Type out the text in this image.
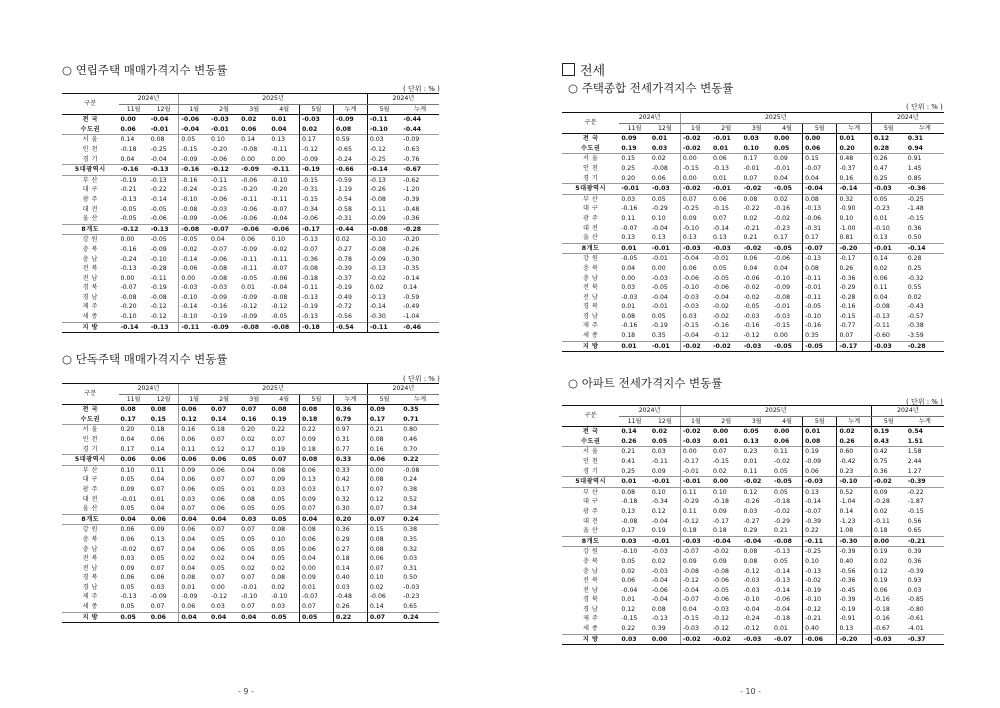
○ 연립주택 매매가격지수 변동률
( 단위 : % )
구분	2024년		2025년						2024년	
	11월	12월	1월	2월	3월	4월	5월	누계	5월	누계
전 국	0.00	-0.04	-0.06	-0.03	0.02	0.01	-0.03	-0.09	-0.11	-0.44
수도권	0.06	-0.01	-0.04	-0.01	0.06	0.04	0.02	0.08	-0.10	-0.44
서 울	0.14	0.08	0.05	0.10	0.14	0.13	0.17	0.59	0.03	-0.09
인 천	-0.18	-0.25	-0.15	-0.20	-0.08	-0.11	-0.12	-0.65	-0.12	-0.63
경 기	0.04	-0.04	-0.09	-0.06	0.00	0.00	-0.09	-0.24	-0.25	-0.76
5대광역시	-0.16	-0.13	-0.16	-0.12	-0.09	-0.11	-0.19	-0.66	-0.14	-0.67
부 산	-0.19	-0.13	-0.16	-0.11	-0.06	-0.10	-0.15	-0.59	-0.13	-0.62
대 구	-0.21	-0.22	-0.24	-0.25	-0.20	-0.20	-0.31	-1.19	-0.26	-1.20
광 주	-0.13	-0.14	-0.10	-0.06	-0.11	-0.11	-0.15	-0.54	-0.08	-0.39
대 전	-0.05	-0.05	-0.08	-0.03	-0.06	-0.07	-0.34	-0.58	-0.11	-0.48
울 산	-0.05	-0.06	-0.09	-0.06	-0.06	-0.04	-0.06	-0.31	-0.09	-0.36
8개도	-0.12	-0.13	-0.08	-0.07	-0.06	-0.06	-0.17	-0.44	-0.08	-0.28
강 원	0.00	-0.05	-0.05	0.04	0.06	0.10	-0.13	0.02	-0.10	-0.20
충 북	-0.16	-0.09	-0.02	-0.07	-0.09	-0.02	-0.07	-0.27	-0.08	-0.26
충 남	-0.24	-0.10	-0.14	-0.06	-0.11	-0.11	-0.36	-0.78	-0.09	-0.30
전 북	-0.13	-0.28	-0.06	-0.08	-0.11	-0.07	-0.08	-0.39	-0.13	-0.35
전 남	0.00	-0.11	0.00	-0.08	-0.05	-0.06	-0.18	-0.37	-0.02	-0.14
경 북	-0.07	-0.19	-0.03	-0.03	0.01	-0.04	-0.11	-0.19	0.02	0.14
경 남	-0.08	-0.08	-0.10	-0.09	-0.09	-0.08	-0.13	-0.49	-0.13	-0.59
제 주	-0.20	-0.12	-0.14	-0.16	-0.12	-0.12	-0.19	-0.72	-0.14	-0.49
세 종	-0.10	-0.12	-0.10	-0.19	-0.09	-0.05	-0.13	-0.56	-0.30	-1.04
지 방	-0.14	-0.13	-0.11	-0.09	-0.08	-0.08	-0.18	-0.54	-0.11	-0.46
○ 단독주택 매매가격지수 변동률
( 단위 : % )
구분	2024년		2025년						2024년	
	11월	12월	1월	2월	3월	4월	5월	누계	5월	누계
전 국	0.08	0.08	0.06	0.07	0.07	0.08	0.08	0.36	0.09	0.35
수도권	0.17	0.15	0.12	0.14	0.16	0.19	0.18	0.79	0.17	0.71
서 울	0.20	0.18	0.16	0.18	0.20	0.22	0.22	0.97	0.21	0.80
인 천	0.04	0.06	0.06	0.07	0.02	0.07	0.09	0.31	0.08	0.46
경 기	0.17	0.14	0.11	0.12	0.17	0.19	0.18	0.77	0.16	0.70
5대광역시	0.06	0.06	0.06	0.06	0.05	0.07	0.08	0.33	0.06	0.22
부 산	0.10	0.11	0.09	0.06	0.04	0.08	0.06	0.33	0.00	-0.08
대 구	0.05	0.04	0.06	0.07	0.07	0.09	0.13	0.42	0.08	0.24
광 주	0.09	0.07	0.06	0.05	0.01	0.03	0.03	0.17	0.07	0.38
대 전	-0.01	0.01	0.03	0.06	0.08	0.05	0.09	0.32	0.12	0.52
울 산	0.05	0.04	0.07	0.06	0.05	0.05	0.07	0.30	0.07	0.34
8개도	0.04	0.06	0.04	0.04	0.03	0.05	0.04	0.20	0.07	0.24
강 원	0.06	0.09	0.06	0.07	0.07	0.08	0.08	0.36	0.15	0.38
충 북	0.06	0.13	0.04	0.05	0.05	0.10	0.06	0.29	0.08	0.35
충 남	-0.02	0.07	0.04	0.06	0.05	0.05	0.06	0.27	0.08	0.32
전 북	0.03	0.05	0.02	0.02	0.04	0.05	0.04	0.18	0.06	0.03
전 남	0.09	0.07	0.04	0.05	0.02	0.02	0.00	0.14	0.07	0.31
경 북	0.06	0.06	0.08	0.07	0.07	0.08	0.09	0.40	0.10	0.50
경 남	0.05	0.03	0.01	0.00	-0.01	0.02	0.01	0.03	0.02	-0.03
제 주	-0.13	-0.09	-0.09	-0.12	-0.10	-0.10	-0.07	-0.48	-0.06	-0.23
세 종	0.05	0.07	0.06	0.03	0.07	0.03	0.07	0.26	0.14	0.65
지 방	0.05	0.06	0.04	0.04	0.04	0.05	0.05	0.22	0.07	0.24
- 9 -
전세
○ 주택종합 전세가격지수 변동률
( 단위 : % )
구분	2024년		2025년						2024년	
	11월	12월	1월	2월	3월	4월	5월	누계	5월	누계
전 국	0.09	0.01	-0.02	-0.01	0.03	0.00	0.00	0.01	0.12	0.31
수도권	0.19	0.03	-0.02	0.01	0.10	0.05	0.06	0.20	0.28	0.94
서 울	0.15	0.02	0.00	0.06	0.17	0.09	0.15	0.48	0.26	0.91
인 천	0.25	-0.08	-0.15	-0.13	-0.01	-0.01	-0.07	-0.37	0.47	1.45
경 기	0.20	0.06	0.00	0.01	0.07	0.04	0.04	0.16	0.25	0.85
5대광역시	-0.01	-0.03	-0.02	-0.01	-0.02	-0.05	-0.04	-0.14	-0.03	-0.36
부 산	0.03	0.05	0.07	0.06	0.08	0.02	0.08	0.32	0.05	-0.25
대 구	-0.16	-0.29	-0.25	-0.15	-0.22	-0.16	-0.13	-0.90	-0.23	-1.48
광 주	0.11	0.10	0.09	0.07	0.02	-0.02	-0.06	0.10	0.01	-0.15
대 전	-0.07	-0.04	-0.10	-0.14	-0.21	-0.23	-0.31	-1.00	-0.10	0.36
울 산	0.13	0.13	0.13	0.13	0.21	0.17	0.17	0.81	0.13	0.50
8개도	0.01	-0.01	-0.03	-0.03	-0.02	-0.05	-0.07	-0.20	-0.01	-0.14
강 원	-0.05	-0.01	-0.04	-0.01	0.06	-0.06	-0.13	-0.17	0.14	0.28
충 북	0.04	0.00	0.06	0.05	0.04	0.04	0.08	0.26	0.02	0.25
충 남	0.00	-0.03	-0.06	-0.05	-0.06	-0.10	-0.11	-0.36	0.06	-0.32
전 북	0.03	-0.05	-0.10	-0.06	-0.02	-0.09	-0.01	-0.29	0.11	0.55
전 남	-0.03	-0.04	-0.03	-0.04	-0.02	-0.08	-0.11	-0.28	0.04	0.02
경 북	0.01	-0.01	-0.03	-0.02	-0.05	-0.01	-0.05	-0.16	-0.08	-0.43
경 남	0.08	0.05	0.03	-0.02	-0.03	-0.03	-0.10	-0.15	-0.13	-0.57
제 주	-0.16	-0.19	-0.15	-0.16	-0.16	-0.15	-0.16	-0.77	-0.11	-0.38
세 종	0.18	0.35	-0.04	-0.12	-0.12	0.00	0.35	0.07	-0.60	-3.59
지 방	0.01	-0.01	-0.02	-0.02	-0.03	-0.05	-0.05	-0.17	-0.03	-0.28
○ 아파트 전세가격지수 변동률
( 단위 : % )
구분	2024년		2025년						2024년	
	11월	12월	1월	2월	3월	4월	5월	누계	5월	누계
전 국	0.14	0.02	-0.02	0.00	0.05	0.00	0.01	0.02	0.19	0.54
수도권	0.26	0.05	-0.03	0.01	0.13	0.06	0.08	0.26	0.43	1.51
서 울	0.21	0.03	0.00	0.07	0.23	0.11	0.19	0.60	0.42	1.58
인 천	0.41	-0.11	-0.17	-0.15	0.01	-0.02	-0.09	-0.42	0.75	2.44
경 기	0.25	0.09	-0.01	0.02	0.11	0.05	0.06	0.23	0.36	1.27
5대광역시	0.01	-0.01	-0.01	0.00	-0.02	-0.05	-0.03	-0.10	-0.02	-0.39
부 산	0.08	0.10	0.11	0.10	0.12	0.05	0.13	0.52	0.09	-0.22
대 구	-0.18	-0.34	-0.29	-0.18	-0.26	-0.18	-0.14	-1.04	-0.28	-1.87
광 주	0.13	0.12	0.11	0.09	0.03	-0.02	-0.07	0.14	0.02	-0.15
대 전	-0.08	-0.04	-0.12	-0.17	-0.27	-0.29	-0.39	-1.23	-0.11	0.56
울 산	0.17	0.19	0.18	0.18	0.29	0.21	0.22	1.08	0.18	0.65
8개도	0.03	-0.01	-0.03	-0.04	-0.04	-0.08	-0.11	-0.30	0.00	-0.21
강 원	-0.10	-0.03	-0.07	-0.02	0.08	-0.13	-0.25	-0.39	0.19	0.39
충 북	0.05	0.02	0.09	0.09	0.08	0.05	0.10	0.40	0.02	0.36
충 남	0.02	-0.03	-0.08	-0.08	-0.12	-0.14	-0.13	-0.56	0.12	-0.39
전 북	0.06	-0.04	-0.12	-0.06	-0.03	-0.13	-0.02	-0.36	0.19	0.93
전 남	-0.04	-0.06	-0.04	-0.05	-0.03	-0.14	-0.19	-0.45	0.06	0.03
경 북	0.01	-0.04	-0.07	-0.06	-0.10	-0.06	-0.10	-0.39	-0.16	-0.85
경 남	0.12	0.08	0.04	-0.03	-0.04	-0.04	-0.12	-0.19	-0.18	-0.80
제 주	-0.15	-0.13	-0.15	-0.12	-0.24	-0.18	-0.21	-0.91	-0.16	-0.61
세 종	0.22	0.39	-0.03	-0.12	-0.12	0.01	0.40	0.13	-0.67	-4.01
지 방	0.03	0.00	-0.02	-0.02	-0.03	-0.07	-0.06	-0.20	-0.03	-0.37
- 10 -
